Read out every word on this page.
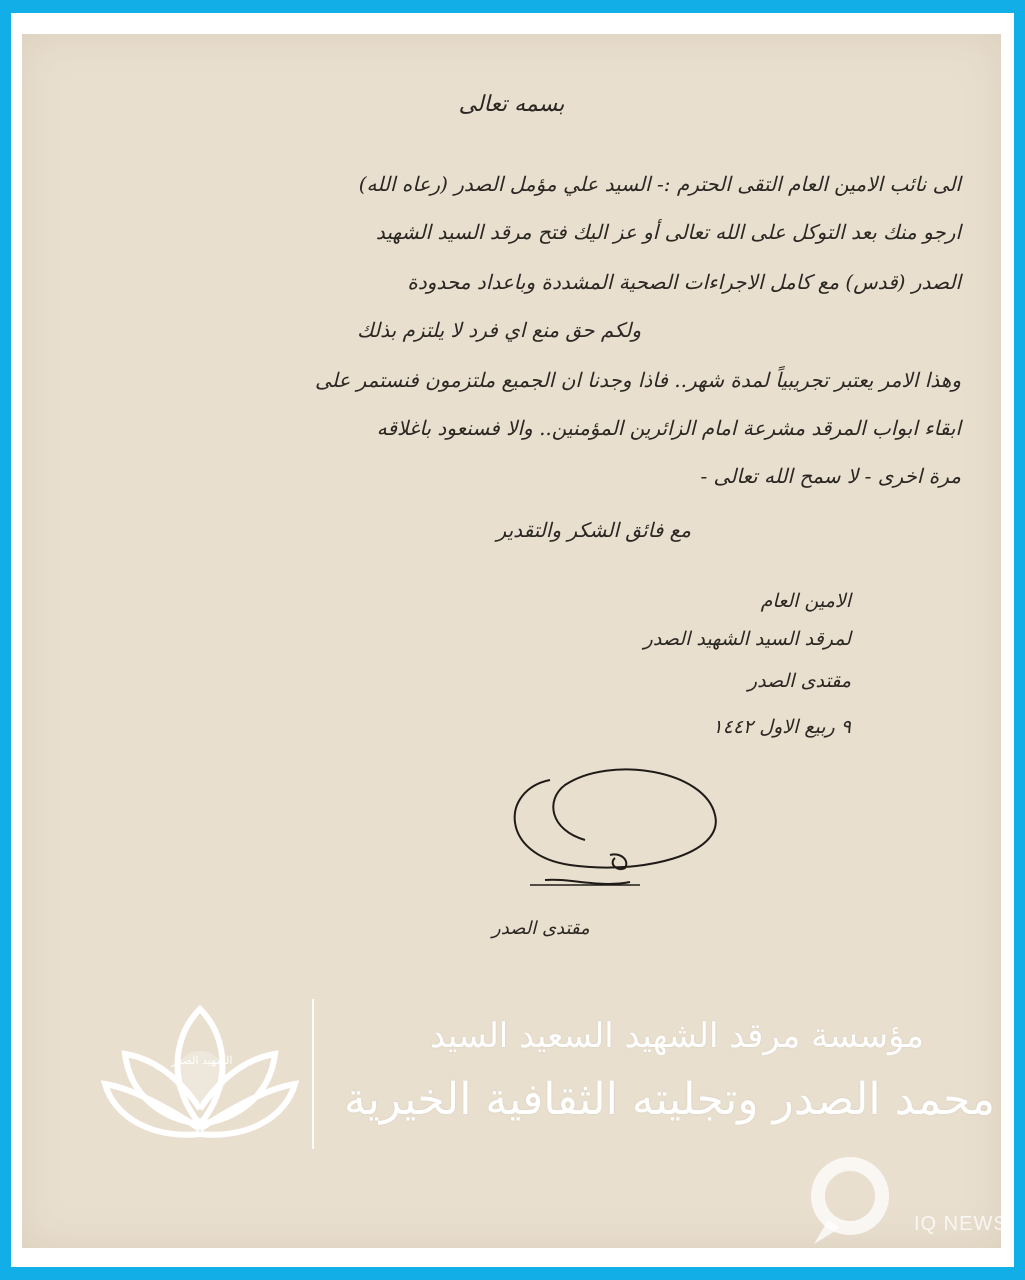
بسمه تعالى
الى نائب الامين العام التقى الحترم :- السيد علي مؤمل الصدر (رعاه الله)
ارجو منك بعد التوكل على الله تعالى أو عز اليك فتح مرقد السيد الشهيد
الصدر (قدس) مع كامل الاجراءات الصحية المشددة وباعداد محدودة
ولكم حق منع اي فرد لا يلتزم بذلك
وهذا الامر يعتبر تجريبياً لمدة شهر.. فاذا وجدنا ان الجميع ملتزمون فنستمر على
ابقاء ابواب المرقد مشرعة امام الزائرين المؤمنين.. والا فسنعود باغلاقه
مرة اخرى - لا سمح الله تعالى -
مع فائق الشكر والتقدير
الامين العام
لمرقد السيد الشهيد الصدر
مقتدى الصدر
٩ ربيع الاول ١٤٤٢
مقتدى الصدر
الشهيد الصدر
مؤسسة مرقد الشهيد السعيد السيد
محمد الصدر وتجليته الثقافية الخيرية
IQ NEWS
